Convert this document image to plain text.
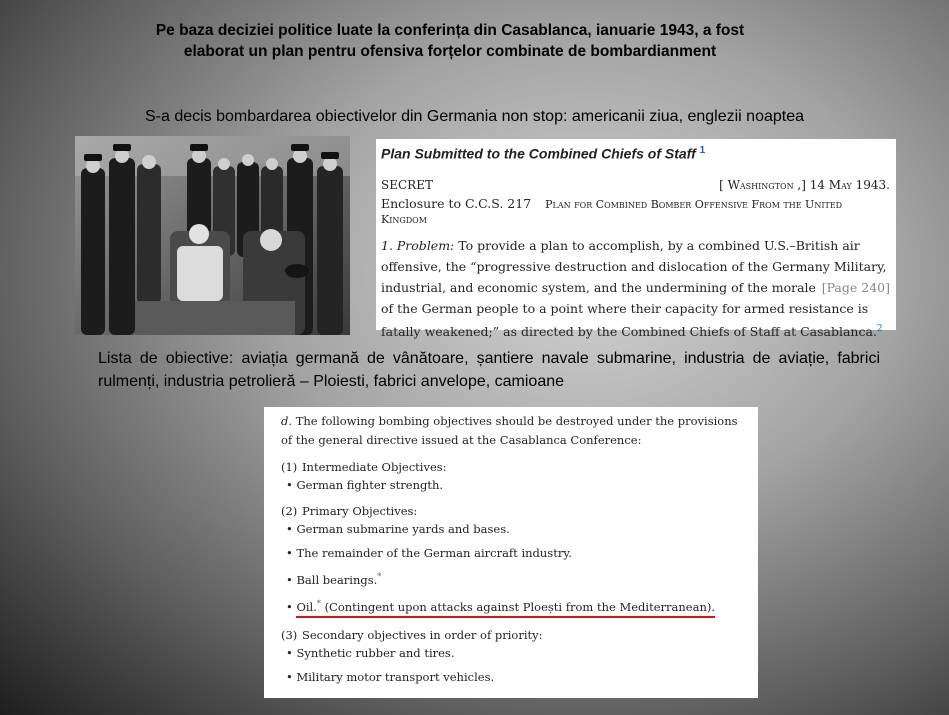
Pe baza deciziei politice luate la conferința din Casablanca, ianuarie 1943, a fost elaborat un plan pentru ofensiva forțelor combinate de bombardianment
S-a decis bombardarea obiectivelor din Germania non stop: americanii ziua, englezii noaptea
Plan Submitted to the Combined Chiefs of Staff $^1$
SECRET	[ Washington ,] 14 May 1943.
Enclosure to C.C.S. 217 Plan for Combined Bomber Offensive From the United Kingdom
1. Problem: To provide a plan to accomplish, by a combined U.S.–British air offensive, the “progressive destruction and dislocation of the Germany
[Page 240]
Military, industrial, and economic system, and the undermining of the morale of the German people to a point where their capacity for armed resistance is fatally weakened;” as directed by the Combined Chiefs of Staff at Casablanca.$^2$
Lista de obiective: aviația germană de vânătoare, șantiere navale submarine, industria de aviație, fabrici rulmenți, industria petrolieră – Ploiesti, fabrici anvelope, camioane
d. The following bombing objectives should be destroyed under the provisions of the general directive issued at the Casablanca Conference:
(1) Intermediate Objectives:
• German fighter strength.
(2) Primary Objectives:
• German submarine yards and bases.
• The remainder of the German aircraft industry.
• Ball bearings.*
• Oil.* (Contingent upon attacks against Ploești from the Mediterranean).
(3) Secondary objectives in order of priority:
• Synthetic rubber and tires.
• Military motor transport vehicles.
